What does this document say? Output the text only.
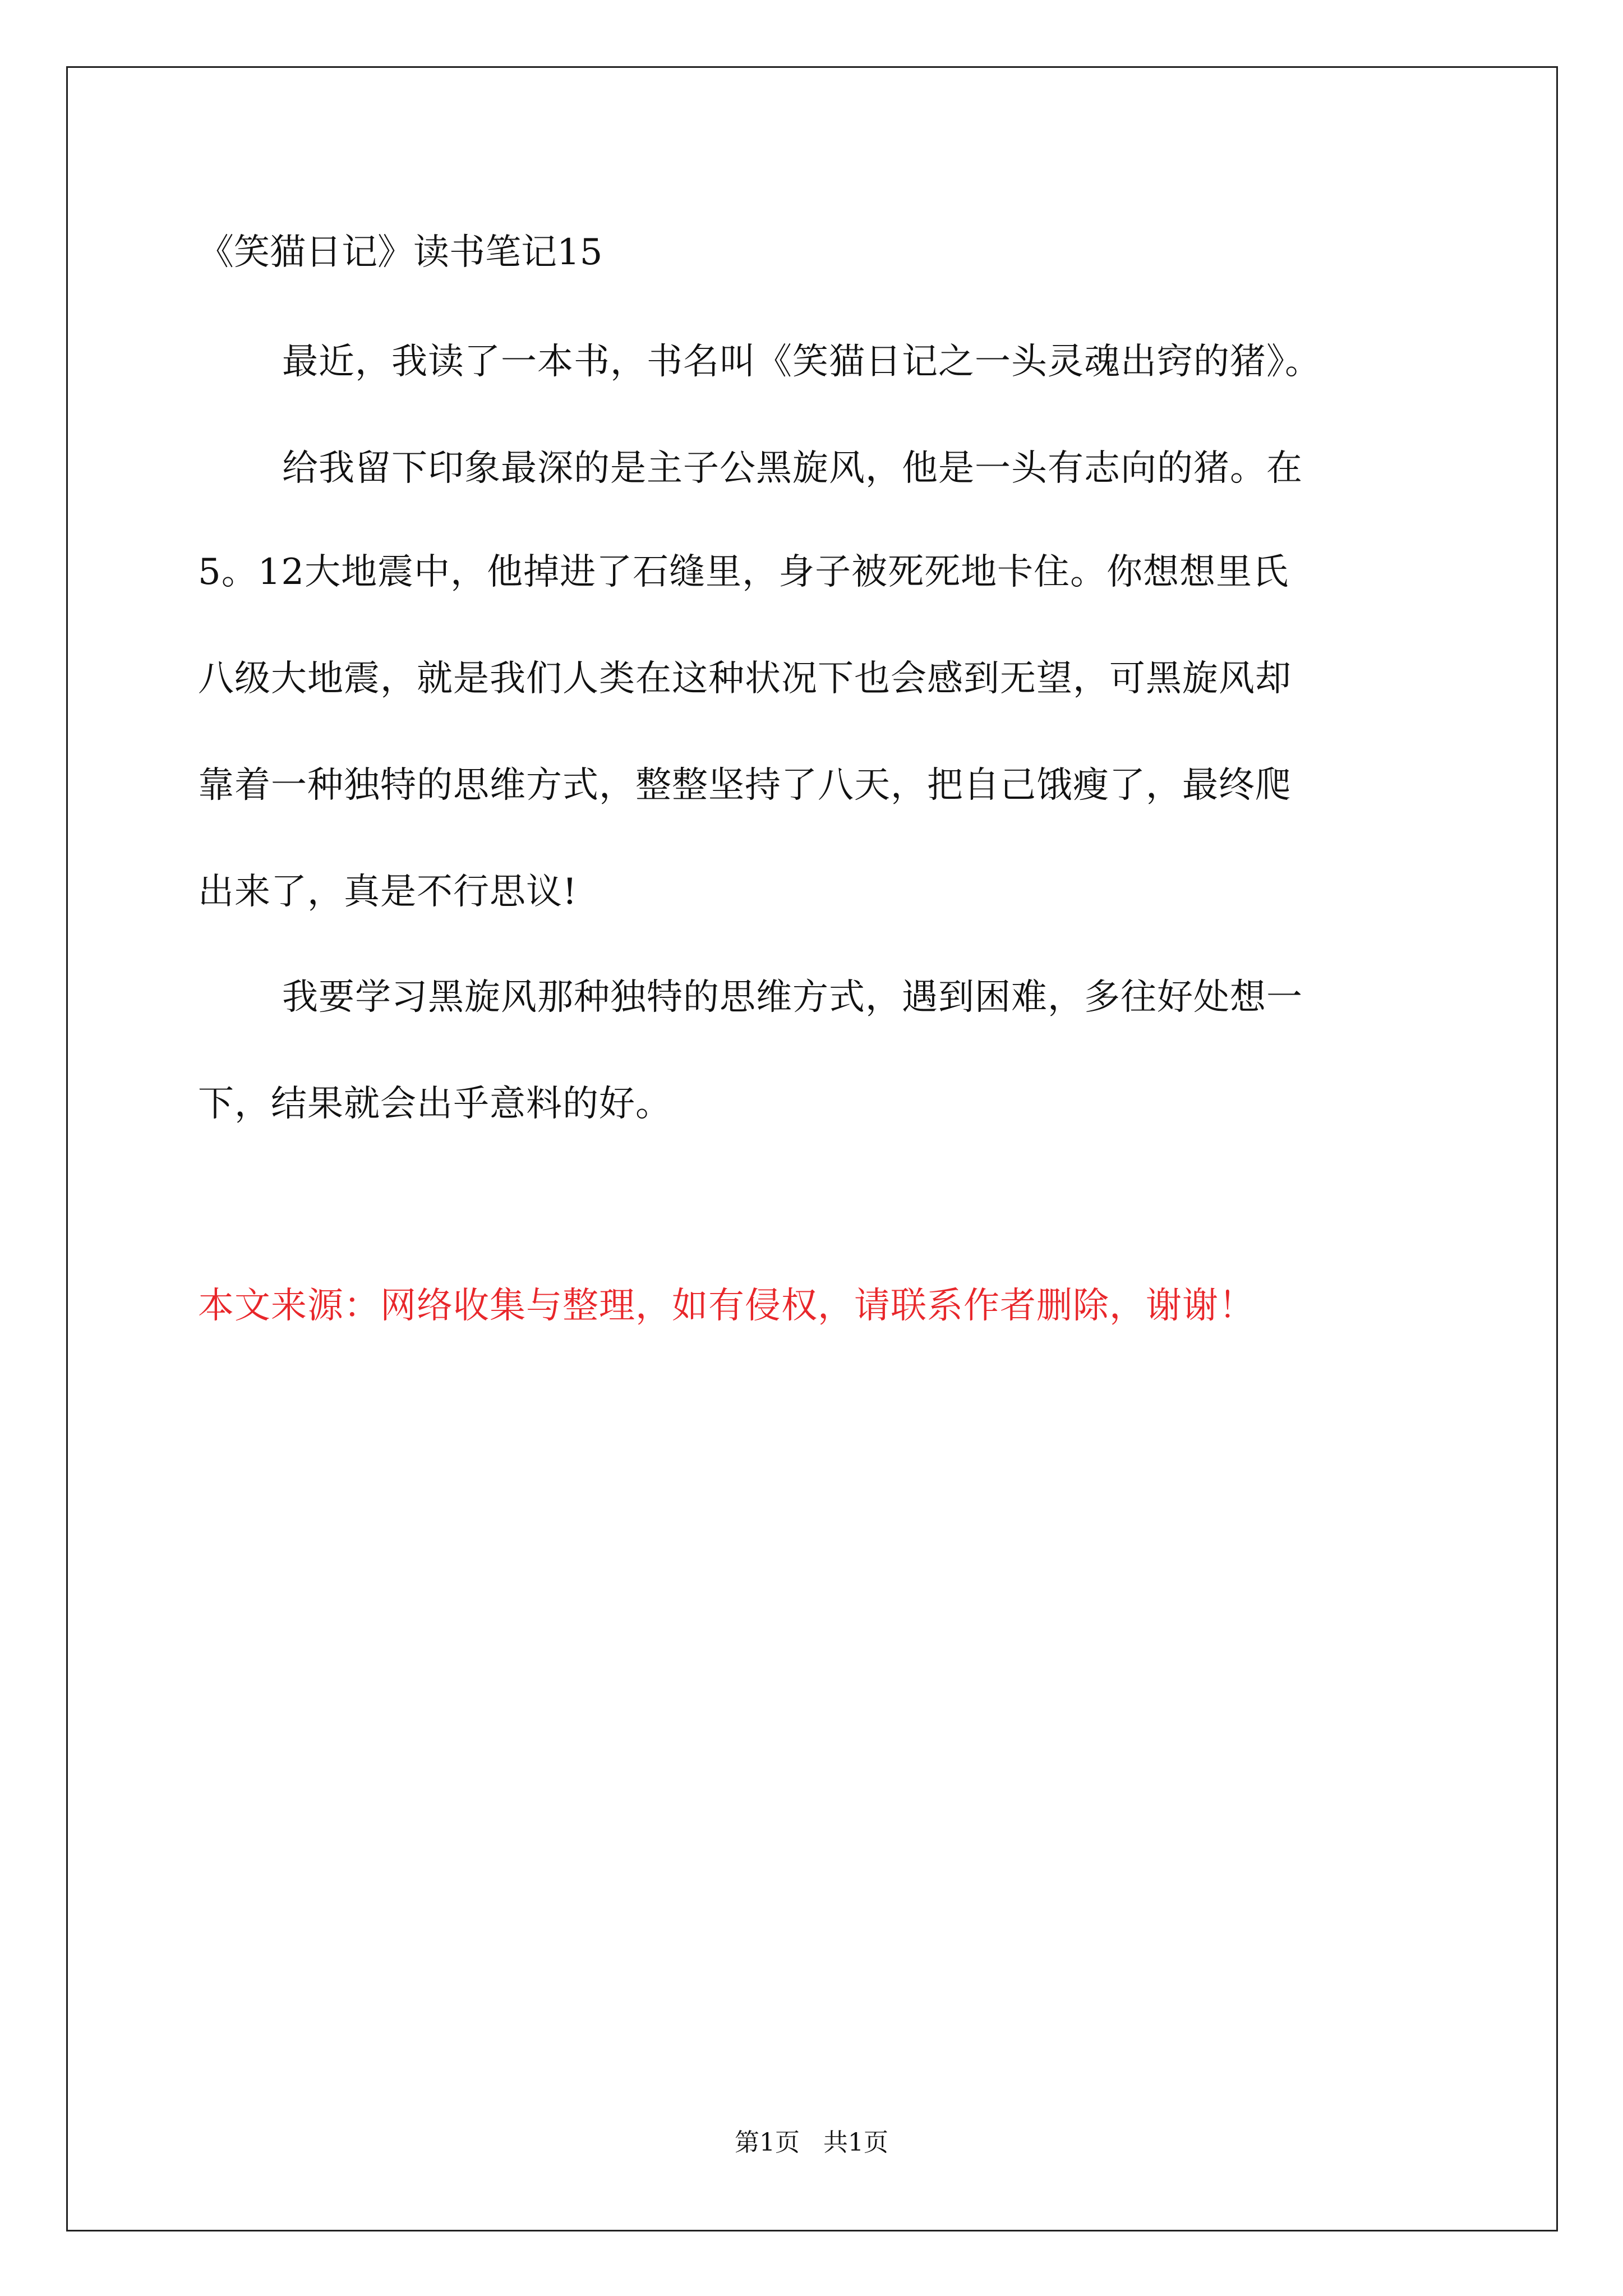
《笑猫日记》读书笔记15

最近，我读了一本书，书名叫《笑猫日记之一头灵魂出窍的猪》。

给我留下印象最深的是主子公黑旋风，他是一头有志向的猪。在

5。12大地震中，他掉进了石缝里，身子被死死地卡住。你想想里氏

八级大地震，就是我们人类在这种状况下也会感到无望，可黑旋风却

靠着一种独特的思维方式，整整坚持了八天，把自己饿瘦了，最终爬

出来了，真是不行思议!

我要学习黑旋风那种独特的思维方式，遇到困难，多往好处想一

下，结果就会出乎意料的好。

本文来源：网络收集与整理，如有侵权，请联系作者删除，谢谢！

第1页   共1页
